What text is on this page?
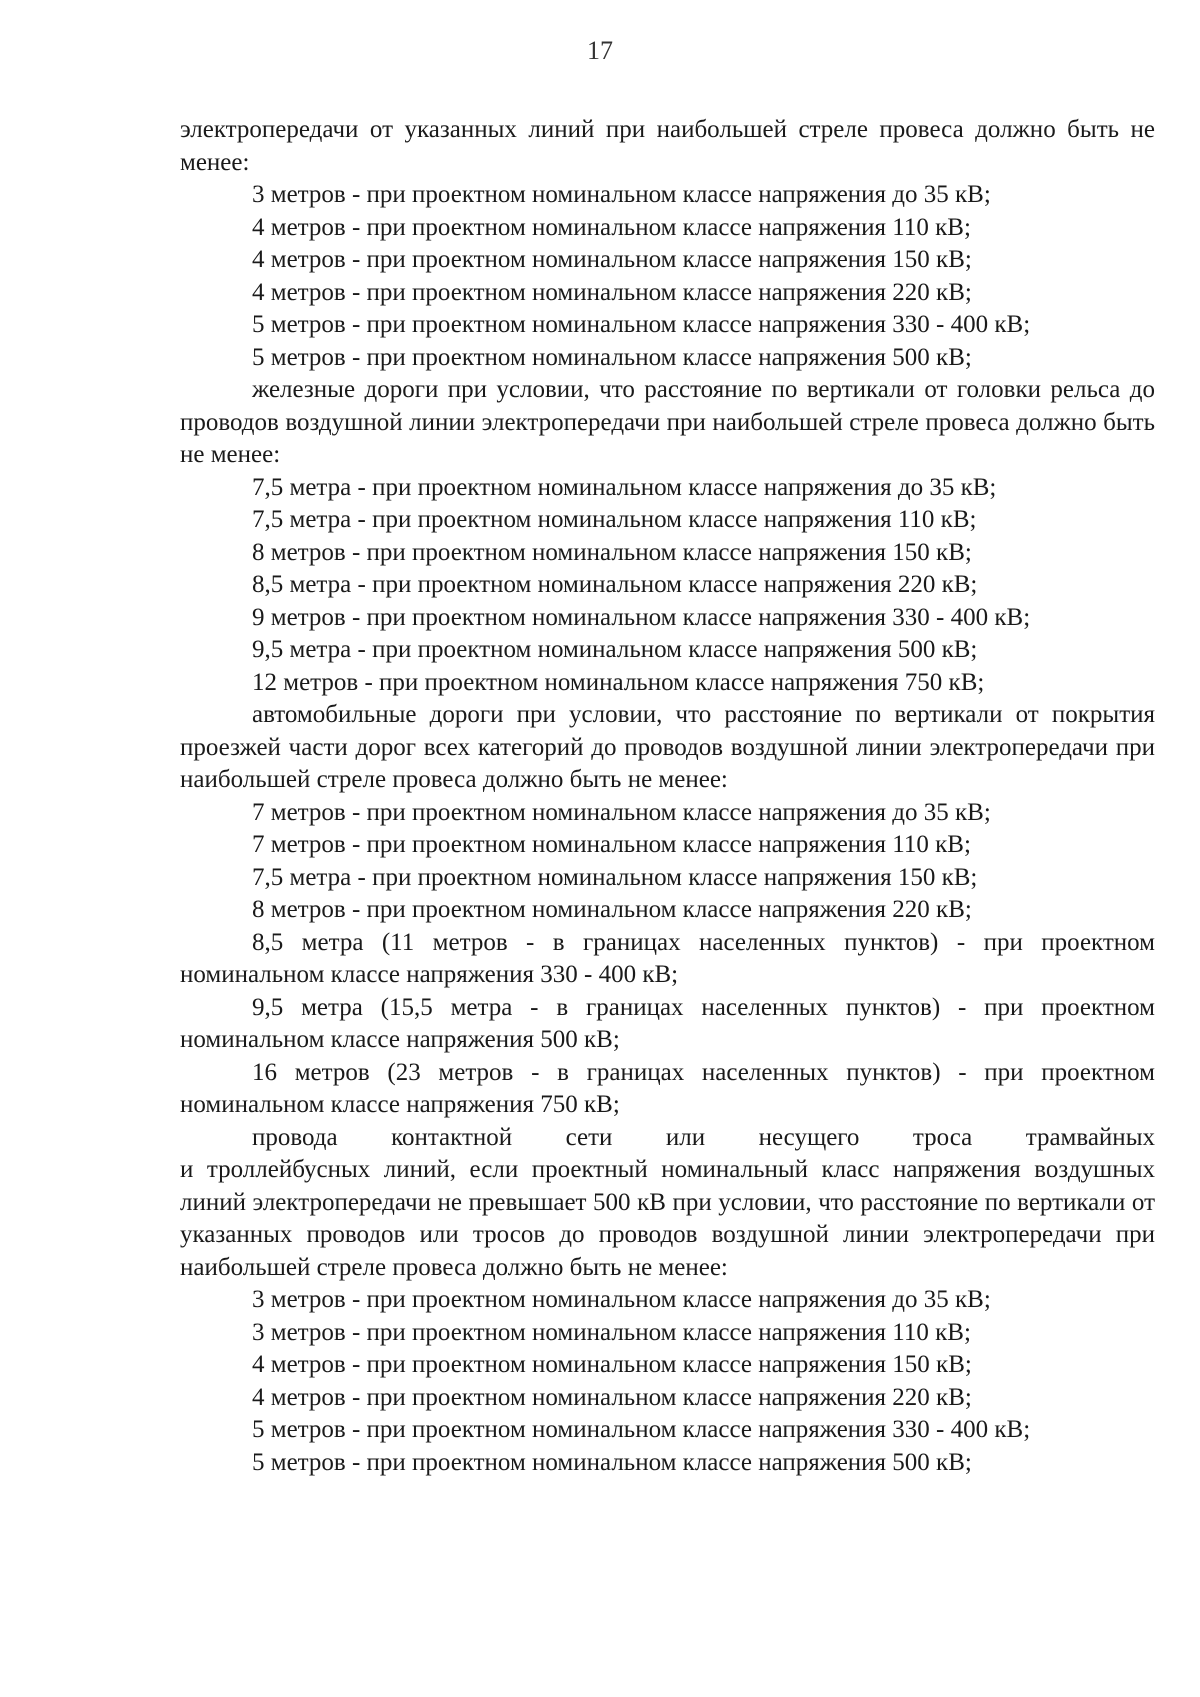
17

электропередачи от указанных линий при наибольшей стреле провеса должно быть не менее:

3 метров - при проектном номинальном классе напряжения до 35 кВ;

4 метров - при проектном номинальном классе напряжения 110 кВ;

4 метров - при проектном номинальном классе напряжения 150 кВ;

4 метров - при проектном номинальном классе напряжения 220 кВ;

5 метров - при проектном номинальном классе напряжения 330 - 400 кВ;

5 метров - при проектном номинальном классе напряжения 500 кВ;

железные дороги при условии, что расстояние по вертикали от головки рельса до проводов воздушной линии электропередачи при наибольшей стреле провеса должно быть не менее:

7,5 метра - при проектном номинальном классе напряжения до 35 кВ;

7,5 метра - при проектном номинальном классе напряжения 110 кВ;

8 метров - при проектном номинальном классе напряжения 150 кВ;

8,5 метра - при проектном номинальном классе напряжения 220 кВ;

9 метров - при проектном номинальном классе напряжения 330 - 400 кВ;

9,5 метра - при проектном номинальном классе напряжения 500 кВ;

12 метров - при проектном номинальном классе напряжения 750 кВ;

автомобильные дороги при условии, что расстояние по вертикали от покрытия проезжей части дорог всех категорий до проводов воздушной линии электропередачи при наибольшей стреле провеса должно быть не менее:

7 метров - при проектном номинальном классе напряжения до 35 кВ;

7 метров - при проектном номинальном классе напряжения 110 кВ;

7,5 метра - при проектном номинальном классе напряжения 150 кВ;

8 метров - при проектном номинальном классе напряжения 220 кВ;

8,5 метра (11 метров - в границах населенных пунктов) - при проектном номинальном классе напряжения 330 - 400 кВ;

9,5 метра (15,5 метра - в границах населенных пунктов) - при проектном номинальном классе напряжения 500 кВ;

16 метров (23 метров - в границах населенных пунктов) - при проектном номинальном классе напряжения 750 кВ;

провода контактной сети или несущего троса трамвайных

и троллейбусных линий, если проектный номинальный класс напряжения воздушных линий электропередачи не превышает 500 кВ при условии, что расстояние по вертикали от указанных проводов или тросов до проводов воздушной линии электропередачи при наибольшей стреле провеса должно быть не менее:

3 метров - при проектном номинальном классе напряжения до 35 кВ;

3 метров - при проектном номинальном классе напряжения 110 кВ;

4 метров - при проектном номинальном классе напряжения 150 кВ;

4 метров - при проектном номинальном классе напряжения 220 кВ;

5 метров - при проектном номинальном классе напряжения 330 - 400 кВ;

5 метров - при проектном номинальном классе напряжения 500 кВ;
